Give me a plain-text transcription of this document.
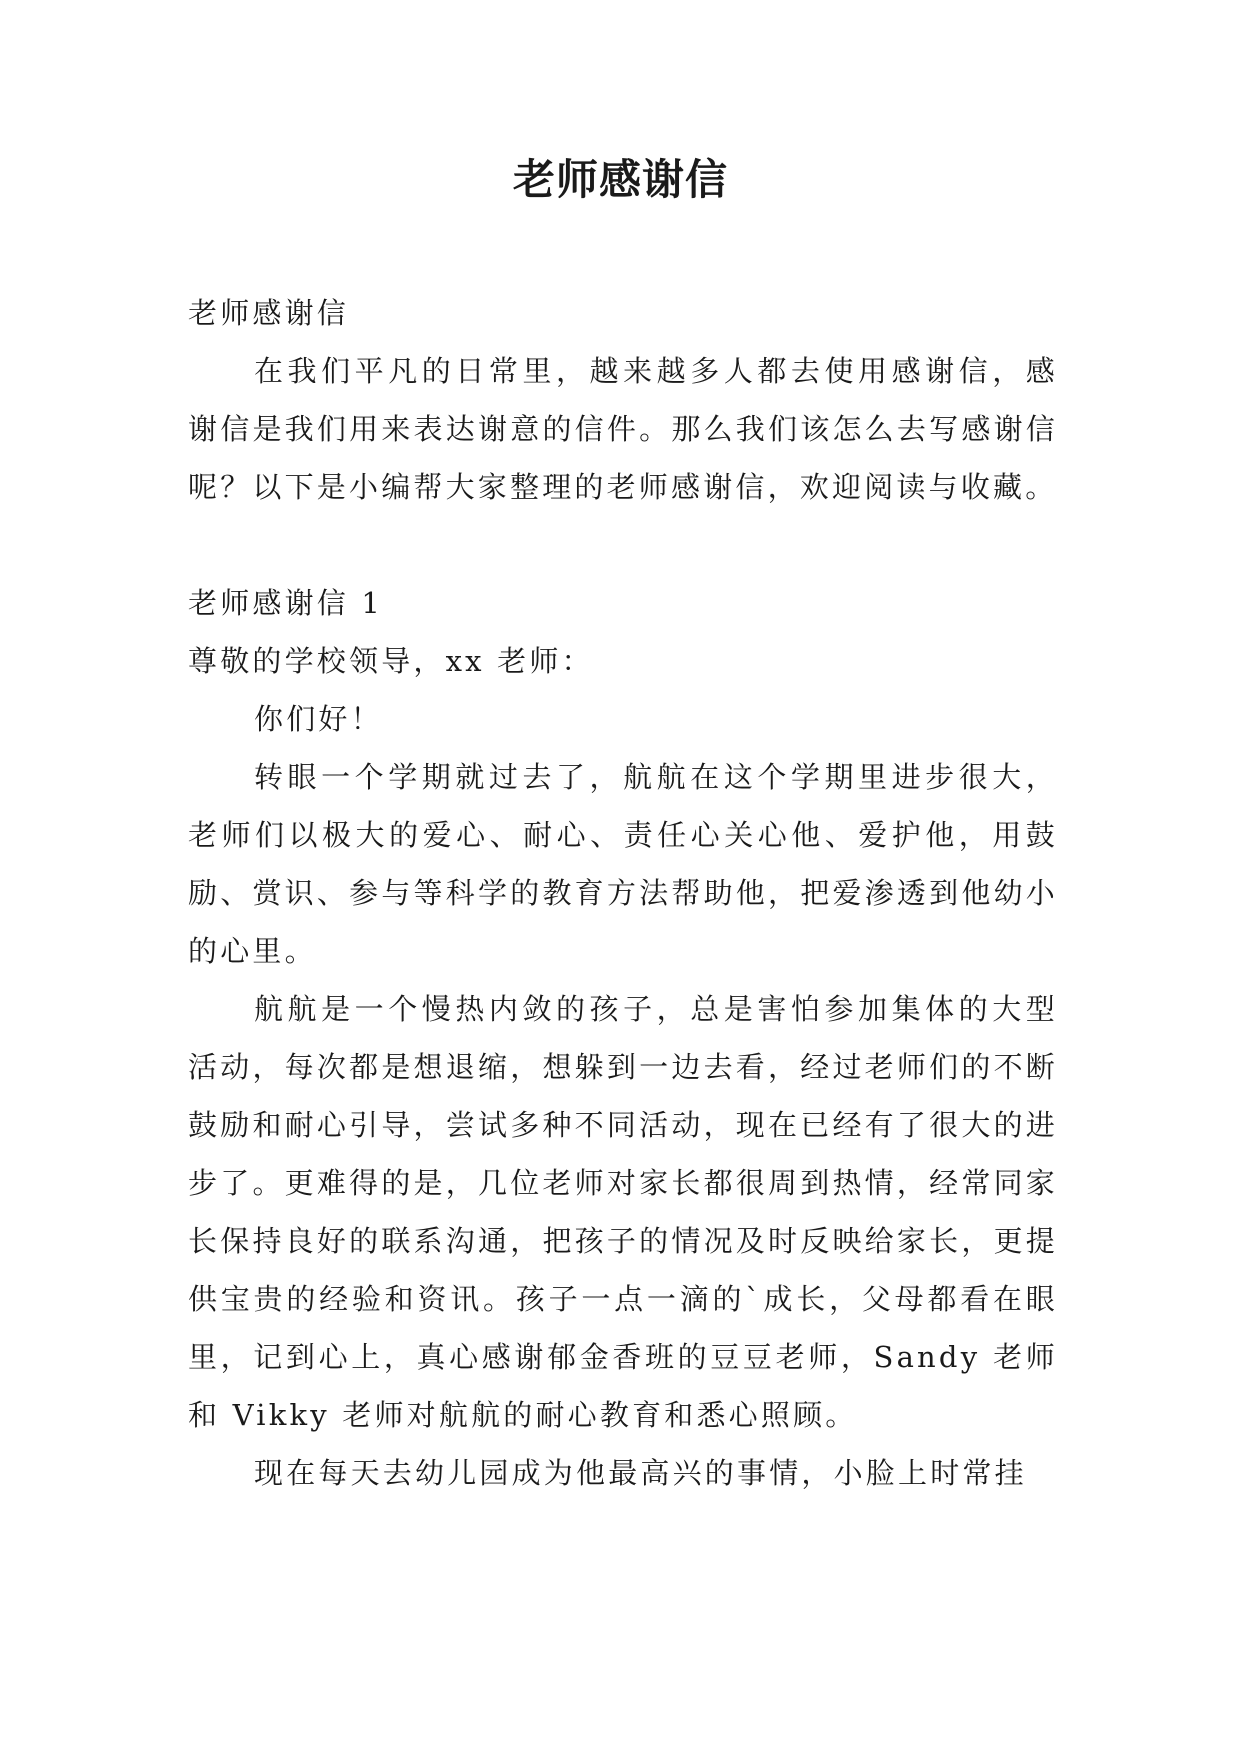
老师感谢信

老师感谢信

在我们平凡的日常里，越来越多人都去使用感谢信，感谢信是我们用来表达谢意的信件。那么我们该怎么去写感谢信呢？以下是小编帮大家整理的老师感谢信，欢迎阅读与收藏。

老师感谢信 1

尊敬的学校领导，xx 老师：

你们好！

转眼一个学期就过去了，航航在这个学期里进步很大，老师们以极大的爱心、耐心、责任心关心他、爱护他，用鼓励、赏识、参与等科学的教育方法帮助他，把爱渗透到他幼小的心里。

航航是一个慢热内敛的孩子，总是害怕参加集体的大型活动，每次都是想退缩，想躲到一边去看，经过老师们的不断鼓励和耐心引导，尝试多种不同活动，现在已经有了很大的进步了。更难得的是，几位老师对家长都很周到热情，经常同家长保持良好的联系沟通，把孩子的情况及时反映给家长，更提供宝贵的经验和资讯。孩子一点一滴的`成长，父母都看在眼里，记到心上，真心感谢郁金香班的豆豆老师，Sandy 老师和 Vikky 老师对航航的耐心教育和悉心照顾。

现在每天去幼儿园成为他最高兴的事情，小脸上时常挂
